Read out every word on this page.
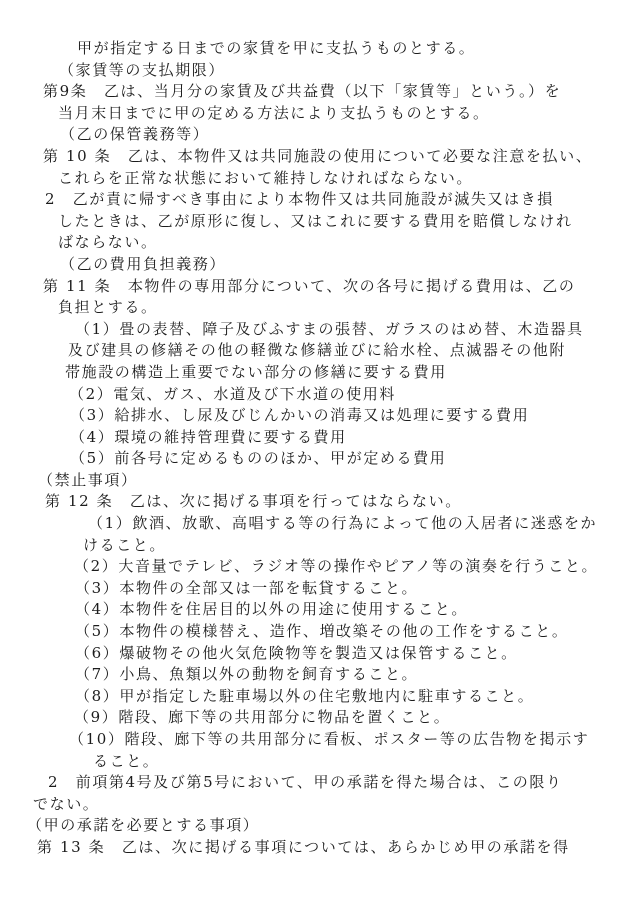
甲が指定する日までの家賃を甲に支払うものとする。
（家賃等の支払期限）
第9条　乙は、当月分の家賃及び共益費（以下「家賃等」という。）を
当月末日までに甲の定める方法により支払うものとする。
（乙の保管義務等）
第 10 条　乙は、本物件又は共同施設の使用について必要な注意を払い、
これらを正常な状態において維持しなければならない。
2　乙が責に帰すべき事由により本物件又は共同施設が滅失又はき損
したときは、乙が原形に復し、又はこれに要する費用を賠償しなけれ
ばならない。
（乙の費用負担義務）
第 11 条　本物件の専用部分について、次の各号に掲げる費用は、乙の
負担とする。
（1）畳の表替、障子及びふすまの張替、ガラスのはめ替、木造器具
及び建具の修繕その他の軽微な修繕並びに給水栓、点滅器その他附
帯施設の構造上重要でない部分の修繕に要する費用
（2）電気、ガス、水道及び下水道の使用料
（3）給排水、し尿及びじんかいの消毒又は処理に要する費用
（4）環境の維持管理費に要する費用
（5）前各号に定めるもののほか、甲が定める費用
（禁止事項）
第 12 条　乙は、次に掲げる事項を行ってはならない。
（1）飲酒、放歌、高唱する等の行為によって他の入居者に迷惑をか
けること。
（2）大音量でテレビ、ラジオ等の操作やピアノ等の演奏を行うこと。
（3）本物件の全部又は一部を転貸すること。
（4）本物件を住居目的以外の用途に使用すること。
（5）本物件の模様替え、造作、増改築その他の工作をすること。
（6）爆破物その他火気危険物等を製造又は保管すること。
（7）小鳥、魚類以外の動物を飼育すること。
（8）甲が指定した駐車場以外の住宅敷地内に駐車すること。
（9）階段、廊下等の共用部分に物品を置くこと。
（10）階段、廊下等の共用部分に看板、ポスター等の広告物を掲示す
ること。
2　前項第4号及び第5号において、甲の承諾を得た場合は、この限り
でない。
（甲の承諾を必要とする事項）
第 13 条　乙は、次に掲げる事項については、あらかじめ甲の承諾を得
